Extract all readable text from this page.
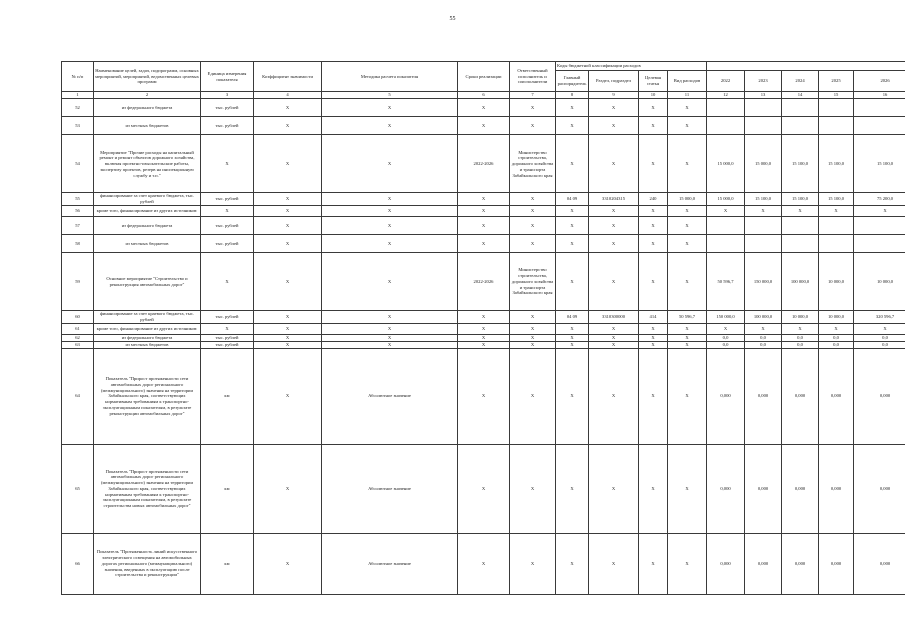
55
№ п/п	Наименование целей, задач, подпрограмм, основных мероприятий, мероприятий, ведомственных целевых программ	Единица измерения показателя	Коэффициент значимости	Методика расчета показателя	Сроки реализации	Ответственный исполнитель и соисполнители	Коды бюджетной классификации расходов		
							Главный распорядитель	Раздел, подраздел	Целевая статья	Вид расходов	2022	2023	2024	2025	2026	
1	2	3	4	5	6	7	8	9	10	11	12	13	14	15	16	
52	из федерального бюджета	тыс. рублей	Х	Х	Х	Х	Х	Х	Х	Х						
53	из местных бюджетов	тыс. рублей	Х	Х	Х	Х	Х	Х	Х	Х						
54	Мероприятие "Прочие расходы на капитальный ремонт и ремонт объектов дорожного хозяйства, включая проектно-изыскательские работы, экспертизу проектов, резерв на инспекционную службу и т.п."	Х	Х	Х	2022-2026	Министерство строительства, дорожного хозяйства и транспорта Забайкальского края	Х	Х	Х	Х	15 000,0	15 000,0	15 100,0	15 100,0	15 100,0	
55	финансирование за счет краевого бюджета, тыс. рублей	тыс. рублей	Х	Х	Х	Х	04 09	3310204315	240	15 000,0	15 000,0	15 100,0	15 100,0	15 100,0	75 200,0	
56	кроме того, финансирование из других источников:	Х	Х	Х	Х	Х	Х	Х	Х	Х	Х	Х	Х	Х	Х	
57	из федерального бюджета	тыс. рублей	Х	Х	Х	Х	Х	Х	Х	Х						
58	из местных бюджетов	тыс. рублей	Х	Х	Х	Х	Х	Х	Х	Х						
59	Основное мероприятие "Строительство и реконструкция автомобильных дорог"	Х	Х	Х	2022-2026	Министерство строительства, дорожного хозяйства и транспорта Забайкальского края	Х	Х	Х	Х	50 596,7	150 000,0	100 000,0	10 000,0	10 000,0	
60	финансирование за счет краевого бюджета, тыс. рублей	тыс. рублей	Х	Х	Х	Х	04 09	3310300000	414	50 596,7	150 000,0	100 000,0	10 000,0	10 000,0	320 596,7	
61	кроме того, финансирование из других источников:	Х	Х	Х	Х	Х	Х	Х	Х	Х	Х	Х	Х	Х	Х	
62	из федерального бюджета	тыс. рублей	Х	Х	Х	Х	Х	Х	Х	Х	0,0	0,0	0,0	0,0	0,0	
63	из местных бюджетов	тыс. рублей	Х	Х	Х	Х	Х	Х	Х	Х	0,0	0,0	0,0	0,0	0,0	
64	Показатель "Прирост протяженности сети автомобильных дорог регионального (межмуниципального) значения на территории Забайкальского края, соответствующих нормативным требованиям к транспортно-эксплуатационным показателям, в результате реконструкции автомобильных дорог"	км	Х	Абсолютное значение	Х	Х	Х	Х	Х	Х	0,000	0,000	0,000	0,000	0,000	
65	Показатель "Прирост протяженности сети автомобильных дорог регионального (межмуниципального) значения на территории Забайкальского края, соответствующих нормативным требованиям к транспортно-эксплуатационным показателям, в результате строительства новых автомобильных дорог"	км	Х	Абсолютное значение	Х	Х	Х	Х	Х	Х	0,000	0,000	0,000	0,000	0,000	
66	Показатель "Протяженность линий искусственного электрического освещения на автомобильных дорогах регионального (межмуниципального) значения, введенных в эксплуатацию после строительства и реконструкции"	км	Х	Абсолютное значение	Х	Х	Х	Х	Х	Х	0,000	0,000	0,000	0,000	0,000	
